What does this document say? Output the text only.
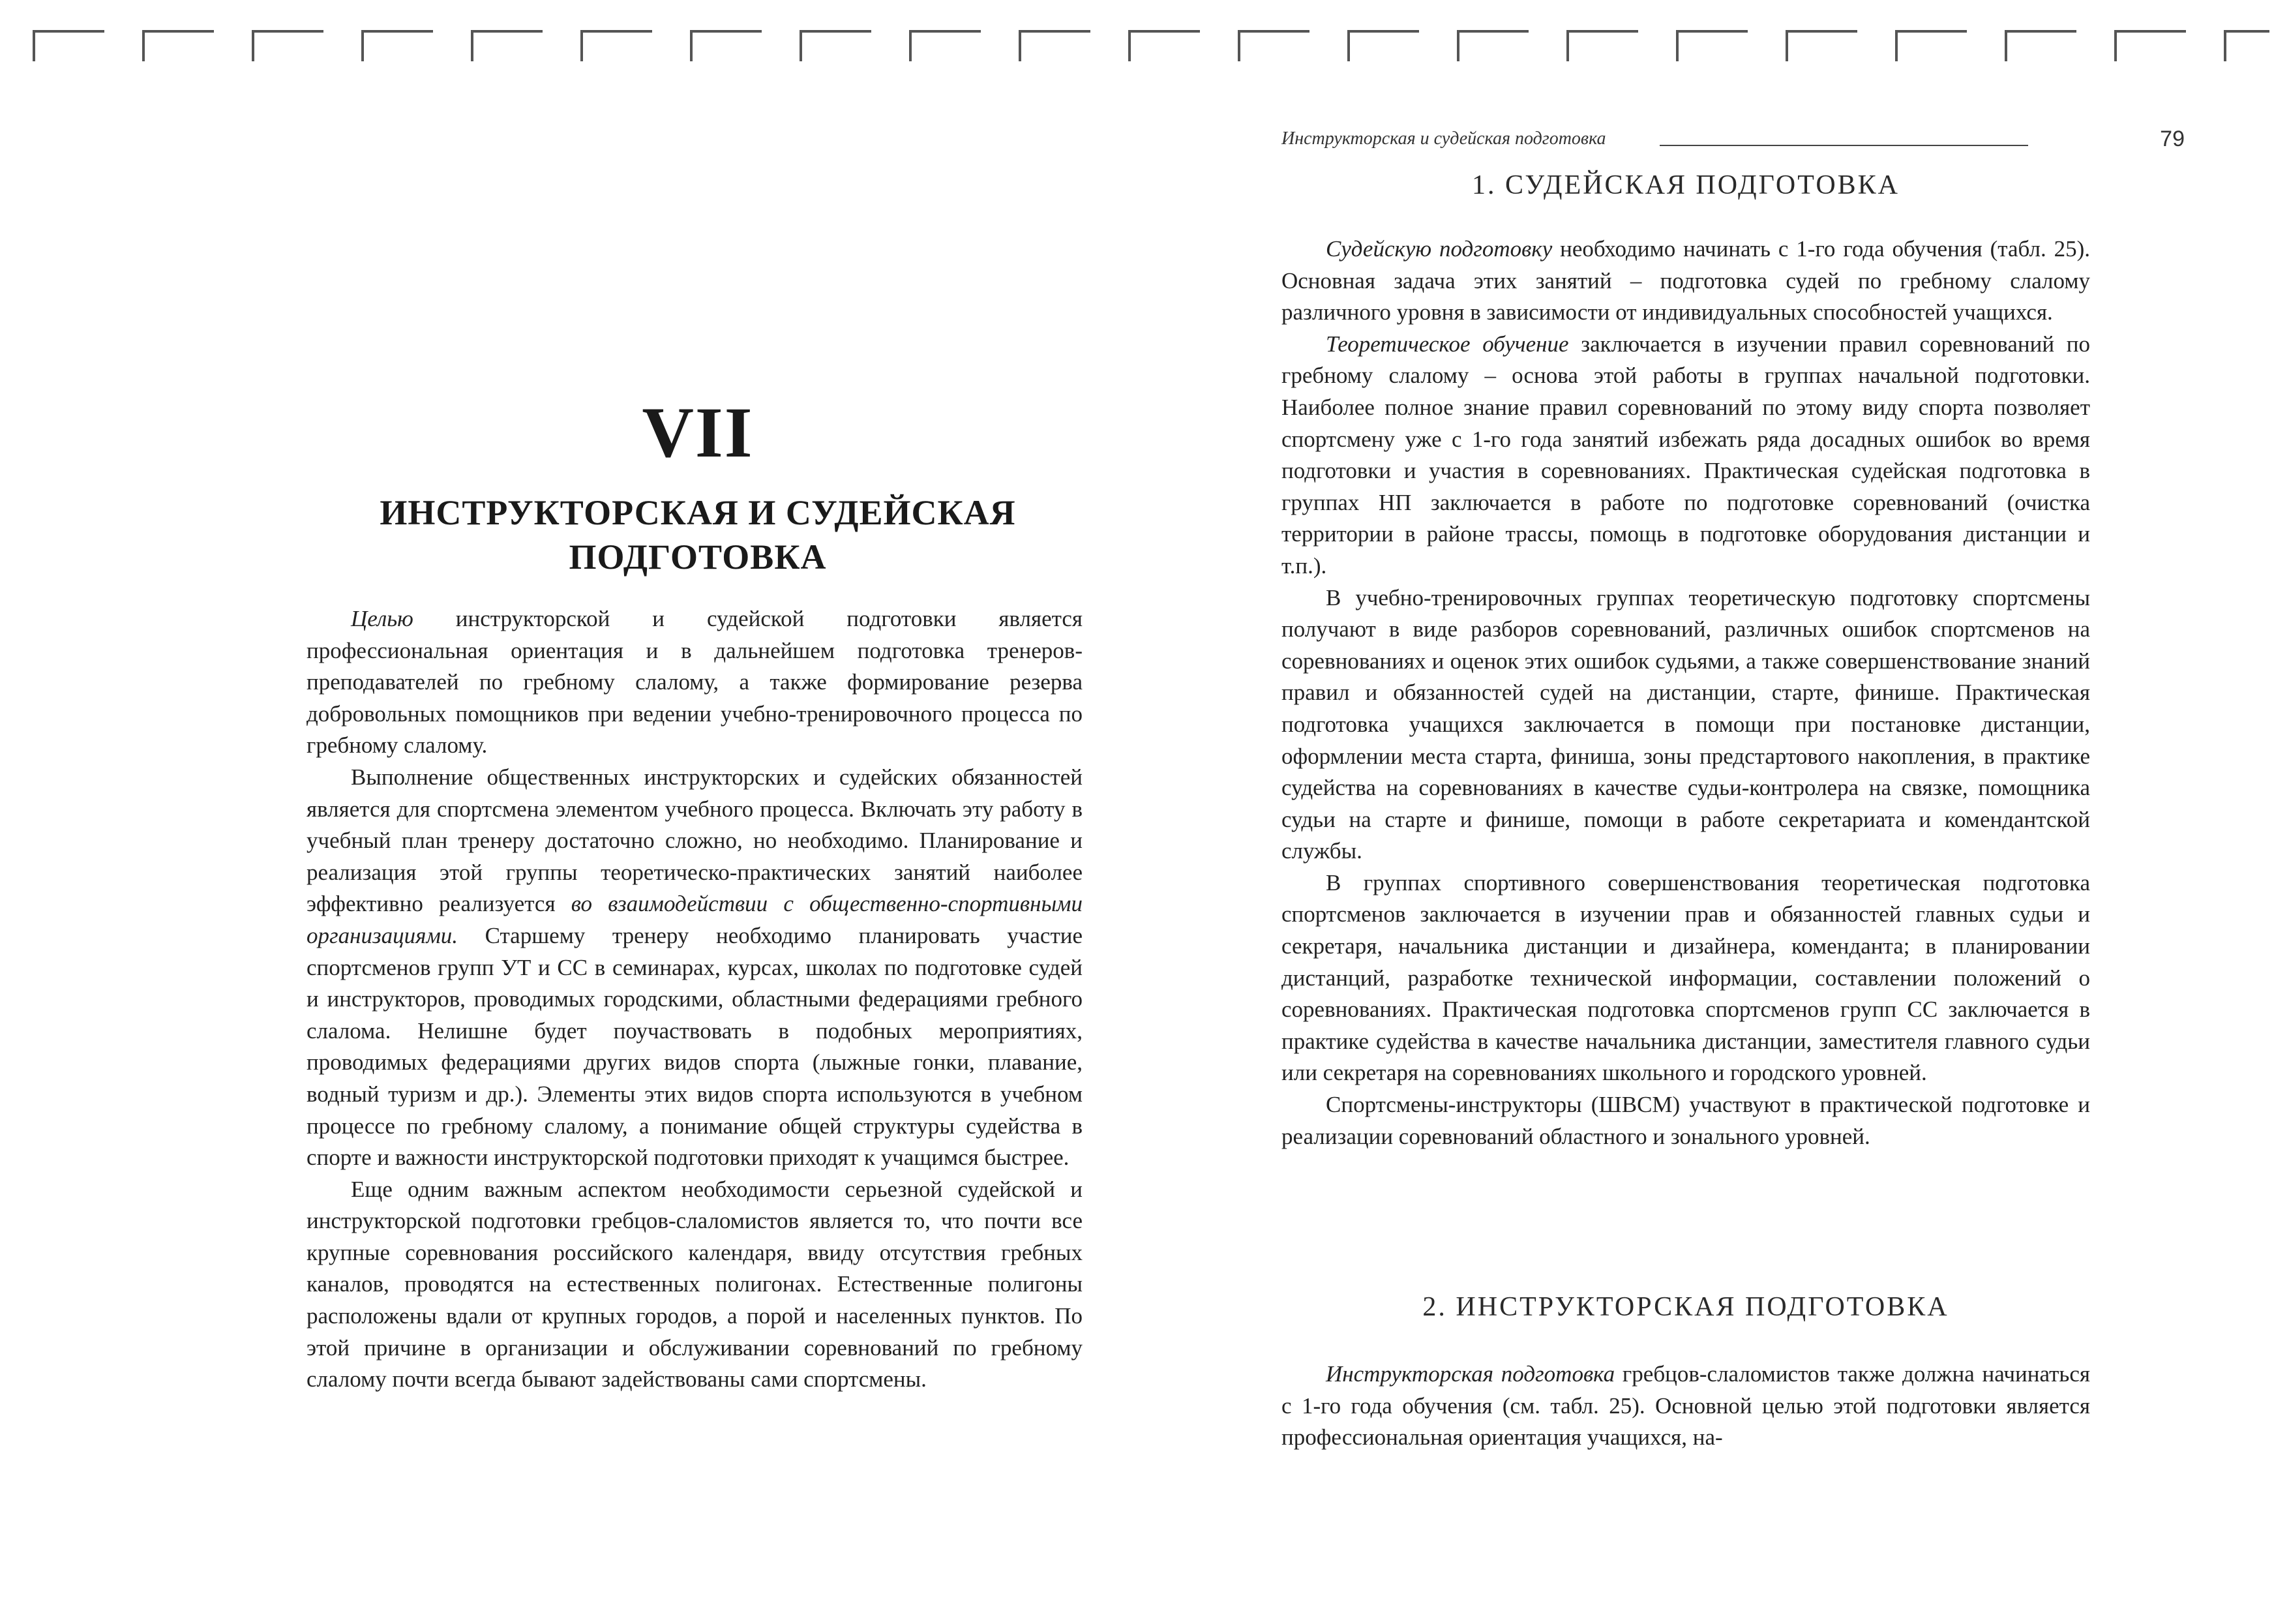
VII
ИНСТРУКТОРСКАЯ И СУДЕЙСКАЯ
ПОДГОТОВКА

Целью инструкторской и судейской подготовки является профессиональная ориентация и в дальнейшем подготовка тренеров-преподавателей по гребному слалому, а также формирование резерва добровольных помощников при ведении учебно-тренировочного процесса по гребному слалому.

Выполнение общественных инструкторских и судейских обязанностей является для спортсмена элементом учебного процесса. Включать эту работу в учебный план тренеру достаточно сложно, но необходимо. Планирование и реализация этой группы теоретическо-практических занятий наиболее эффективно реализуется во взаимодействии с общественно-спортивными организациями. Старшему тренеру необходимо планировать участие спортсменов групп УТ и СС в семинарах, курсах, школах по подготовке судей и инструкторов, проводимых городскими, областными федерациями гребного слалома. Нелишне будет поучаствовать в подобных мероприятиях, проводимых федерациями других видов спорта (лыжные гонки, плавание, водный туризм и др.). Элементы этих видов спорта используются в учебном процессе по гребному слалому, а понимание общей структуры судейства в спорте и важности инструкторской подготовки приходят к учащимся быстрее.

Еще одним важным аспектом необходимости серьезной судейской и инструкторской подготовки гребцов-слаломистов является то, что почти все крупные соревнования российского календаря, ввиду отсутствия гребных каналов, проводятся на естественных полигонах. Естественные полигоны расположены вдали от крупных городов, а порой и населенных пунктов. По этой причине в организации и обслуживании соревнований по гребному слалому почти всегда бывают задействованы сами спортсмены.

Инструкторская и судейская подготовка	79
1. СУДЕЙСКАЯ ПОДГОТОВКА

Судейскую подготовку необходимо начинать с 1-го года обучения (табл. 25). Основная задача этих занятий – подготовка судей по гребному слалому различного уровня в зависимости от индивидуальных способностей учащихся.

Теоретическое обучение заключается в изучении правил соревнований по гребному слалому – основа этой работы в группах начальной подготовки. Наиболее полное знание правил соревнований по этому виду спорта позволяет спортсмену уже с 1-го года занятий избежать ряда досадных ошибок во время подготовки и участия в соревнованиях. Практическая судейская подготовка в группах НП заключается в работе по подготовке соревнований (очистка территории в районе трассы, помощь в подготовке оборудования дистанции и т.п.).

В учебно-тренировочных группах теоретическую подготовку спортсмены получают в виде разборов соревнований, различных ошибок спортсменов на соревнованиях и оценок этих ошибок судьями, а также совершенствование знаний правил и обязанностей судей на дистанции, старте, финише. Практическая подготовка учащихся заключается в помощи при постановке дистанции, оформлении места старта, финиша, зоны предстартового накопления, в практике судейства на соревнованиях в качестве судьи-контролера на связке, помощника судьи на старте и финише, помощи в работе секретариата и комендантской службы.

В группах спортивного совершенствования теоретическая подготовка спортсменов заключается в изучении прав и обязанностей главных судьи и секретаря, начальника дистанции и дизайнера, коменданта; в планировании дистанций, разработке технической информации, составлении положений о соревнованиях. Практическая подготовка спортсменов групп СС заключается в практике судейства в качестве начальника дистанции, заместителя главного судьи или секретаря на соревнованиях школьного и городского уровней.

Спортсмены-инструкторы (ШВСМ) участвуют в практической подготовке и реализации соревнований областного и зонального уровней.

2. ИНСТРУКТОРСКАЯ ПОДГОТОВКА

Инструкторская подготовка гребцов-слаломистов также должна начинаться с 1-го года обучения (см. табл. 25). Основной целью этой подготовки является профессиональная ориентация учащихся, на-
